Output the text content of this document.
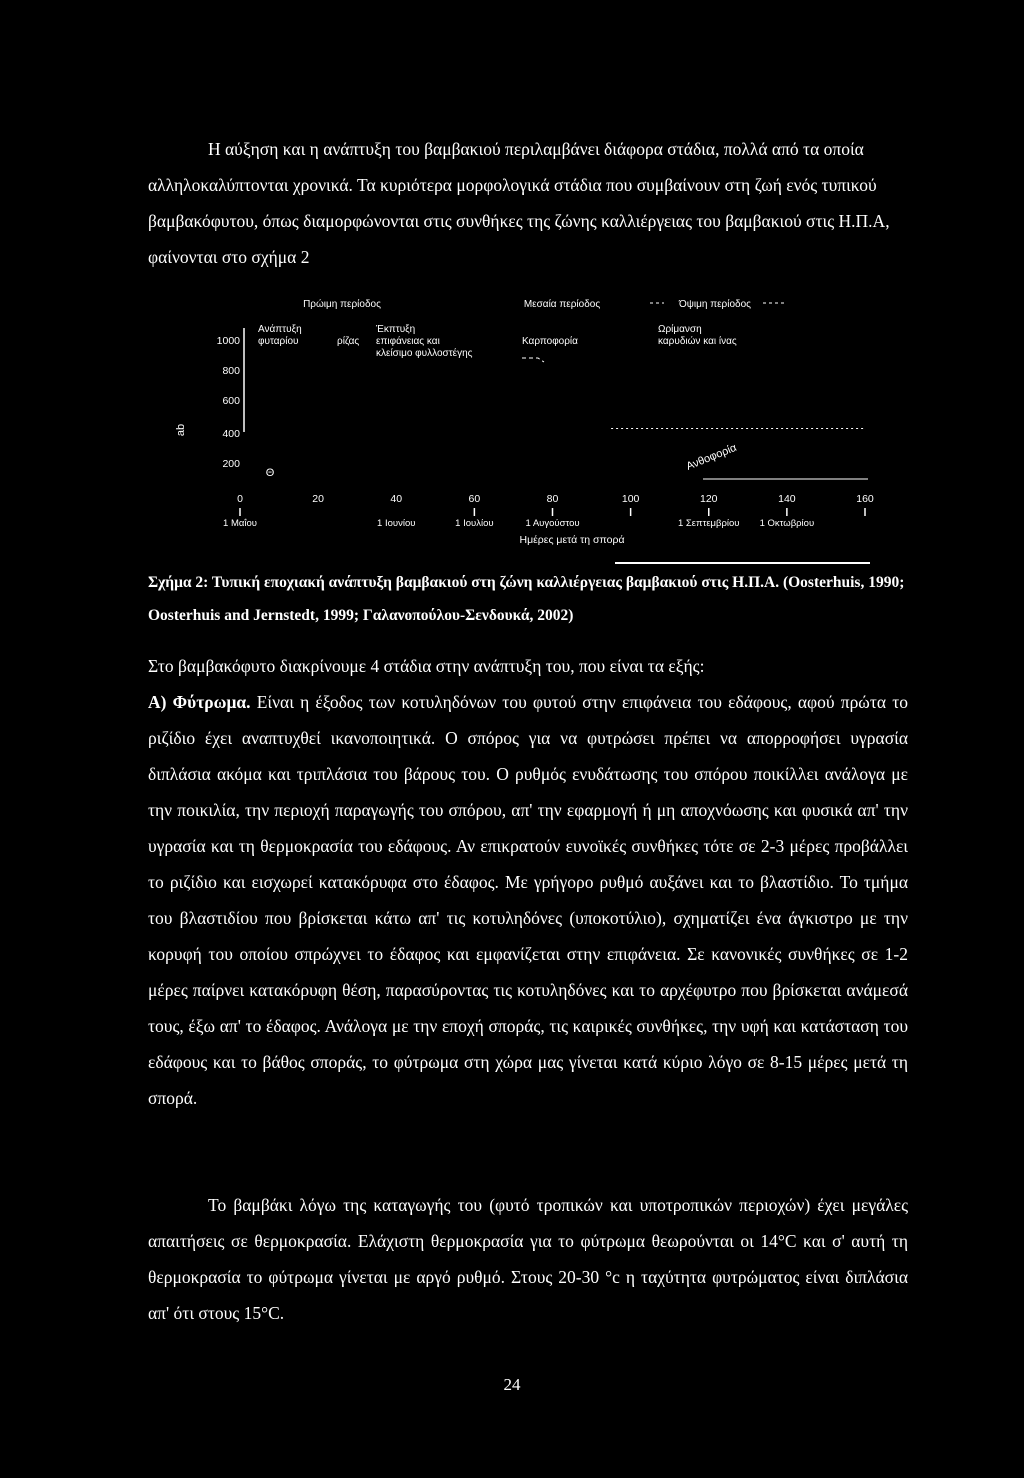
Η αύξηση και η ανάπτυξη του βαμβακιού περιλαμβάνει διάφορα στάδια, πολλά από τα οποία αλληλοκαλύπτονται χρονικά. Τα κυριότερα μορφολογικά στάδια που συμβαίνουν στη ζωή ενός τυπικού βαμβακόφυτου, όπως διαμορφώνονται στις συνθήκες της ζώνης καλλιέργειας του βαμβακιού στις Η.Π.Α, φαίνονται στο σχήμα 2

Πρώιμη περίοδος	Μεσαία περίοδος	Όψιμη περίοδος
Ανάπτυξη
φυταρίου	ρίζας
Έκπτυξη
επιφάνειας και
κλείσιμο φυλλοστέγης
Καρποφορία
Ωρίμανση
καρυδιών και ίνας
1000
800
600
400
200
ab
Θ
Ανθοφορία
0	20	40	60	80	100	120	140	160
1 Μαΐου	1 Ιουνίου	1 Ιουλίου	1 Αυγούστου	1 Σεπτεμβρίου 1 Οκτωβρίου
Ημέρες μετά τη σπορά

Σχήμα 2: Τυπική εποχιακή ανάπτυξη βαμβακιού στη ζώνη καλλιέργειας βαμβακιού στις Η.Π.Α. (Oosterhuis, 1990; Oosterhuis and Jernstedt, 1999; Γαλανοπούλου-Σενδουκά, 2002)

Στο βαμβακόφυτο διακρίνουμε 4 στάδια στην ανάπτυξη του, που είναι τα εξής:

Α) Φύτρωμα. Είναι η έξοδος των κοτυληδόνων του φυτού στην επιφάνεια του εδάφους, αφού πρώτα το ριζίδιο έχει αναπτυχθεί ικανοποιητικά. Ο σπόρος για να φυτρώσει πρέπει να απορροφήσει υγρασία διπλάσια ακόμα και τριπλάσια του βάρους του. Ο ρυθμός ενυδάτωσης του σπόρου ποικίλλει ανάλογα με την ποικιλία, την περιοχή παραγωγής του σπόρου, απ' την εφαρμογή ή μη αποχνόωσης και φυσικά απ' την υγρασία και τη θερμοκρασία του εδάφους. Αν επικρατούν ευνοϊκές συνθήκες τότε σε 2-3 μέρες προβάλλει το ριζίδιο και εισχωρεί κατακόρυφα στο έδαφος. Με γρήγορο ρυθμό αυξάνει και το βλαστίδιο. Το τμήμα του βλαστιδίου που βρίσκεται κάτω απ' τις κοτυληδόνες (υποκοτύλιο), σχηματίζει ένα άγκιστρο με την κορυφή του οποίου σπρώχνει το έδαφος και εμφανίζεται στην επιφάνεια. Σε κανονικές συνθήκες σε 1-2 μέρες παίρνει κατακόρυφη θέση, παρασύροντας τις κοτυληδόνες και το αρχέφυτρο που βρίσκεται ανάμεσά τους, έξω απ' το έδαφος. Ανάλογα με την εποχή σποράς, τις καιρικές συνθήκες, την υφή και κατάσταση του εδάφους και το βάθος σποράς, το φύτρωμα στη χώρα μας γίνεται κατά κύριο λόγο σε 8-15 μέρες μετά τη σπορά.

Το βαμβάκι λόγω της καταγωγής του (φυτό τροπικών και υποτροπικών περιοχών) έχει μεγάλες απαιτήσεις σε θερμοκρασία. Ελάχιστη θερμοκρασία για το φύτρωμα θεωρούνται οι 14°C και σ' αυτή τη θερμοκρασία το φύτρωμα γίνεται με αργό ρυθμό. Στους 20-30 °c η ταχύτητα φυτρώματος είναι διπλάσια απ' ότι στους 15°C.

24
